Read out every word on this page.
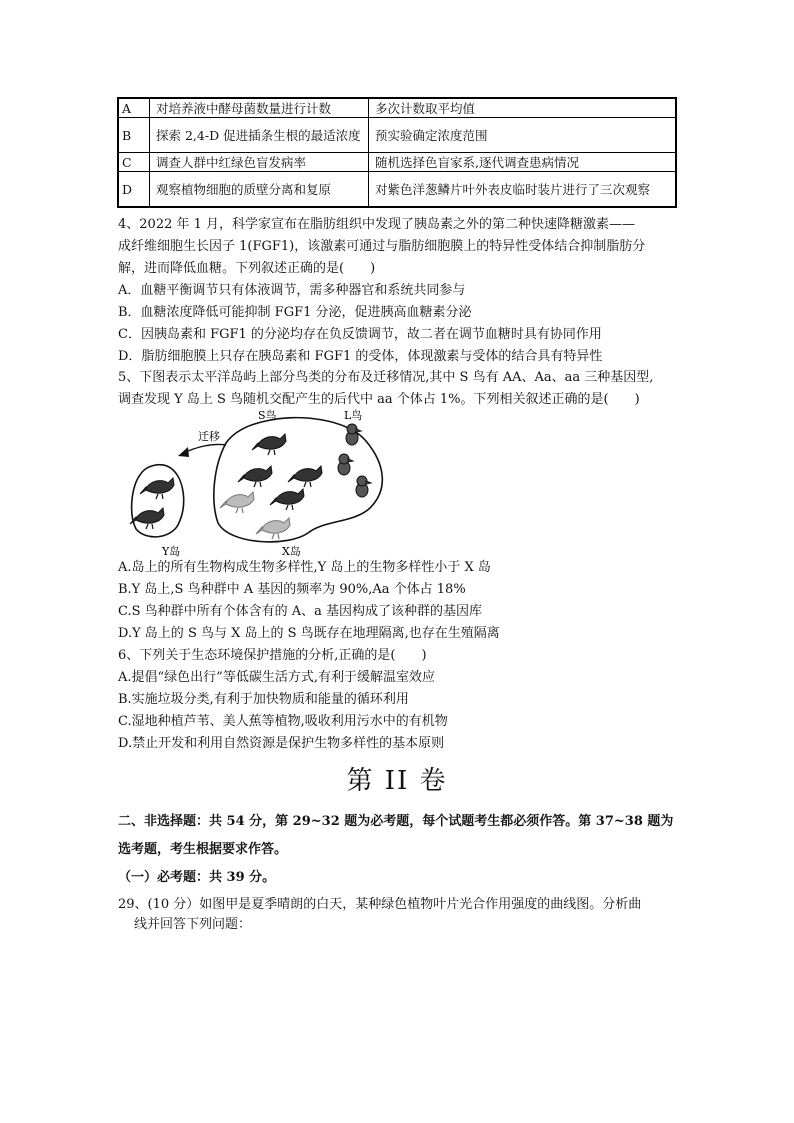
A	对培养液中酵母菌数量进行计数	多次计数取平均值
B	探索 2,4-D 促进插条生根的最适浓度	预实验确定浓度范围
C	调查人群中红绿色盲发病率	随机选择色盲家系,逐代调查患病情况
D	观察植物细胞的质壁分离和复原	对紫色洋葱鳞片叶外表皮临时装片进行了三次观察
4、2022 年 1 月，科学家宣布在脂肪组织中发现了胰岛素之外的第二种快速降糖激素——
成纤维细胞生长因子 1(FGF1)，该激素可通过与脂肪细胞膜上的特异性受体结合抑制脂肪分
解，进而降低血糖。下列叙述正确的是(　　)
A．血糖平衡调节只有体液调节，需多种器官和系统共同参与
B．血糖浓度降低可能抑制 FGF1 分泌，促进胰高血糖素分泌
C．因胰岛素和 FGF1 的分泌均存在负反馈调节，故二者在调节血糖时具有协同作用
D．脂肪细胞膜上只存在胰岛素和 FGF1 的受体，体现激素与受体的结合具有特异性
5、下图表示太平洋岛屿上部分鸟类的分布及迁移情况,其中 S 鸟有 AA、Aa、aa 三种基因型,
调查发现 Y 岛上 S 鸟随机交配产生的后代中 aa 个体占 1%。下列相关叙述正确的是(　　)
S鸟	L鸟
迁移
Y岛	X岛
A.岛上的所有生物构成生物多样性,Y 岛上的生物多样性小于 X 岛
B.Y 岛上,S 鸟种群中 A 基因的频率为 90%,Aa 个体占 18%
C.S 鸟种群中所有个体含有的 A、a 基因构成了该种群的基因库
D.Y 岛上的 S 鸟与 X 岛上的 S 鸟既存在地理隔离,也存在生殖隔离
6、下列关于生态环境保护措施的分析,正确的是(　　)
A.提倡“绿色出行”等低碳生活方式,有利于缓解温室效应
B.实施垃圾分类,有利于加快物质和能量的循环利用
C.湿地种植芦苇、美人蕉等植物,吸收利用污水中的有机物
D.禁止开发和利用自然资源是保护生物多样性的基本原则
第 II 卷
二、非选择题：共 54 分，第 29~32 题为必考题，每个试题考生都必须作答。第 37~38 题为
选考题，考生根据要求作答。
（一）必考题：共 39 分。
29、(10 分）如图甲是夏季晴朗的白天，某种绿色植物叶片光合作用强度的曲线图。分析曲
线并回答下列问题：
